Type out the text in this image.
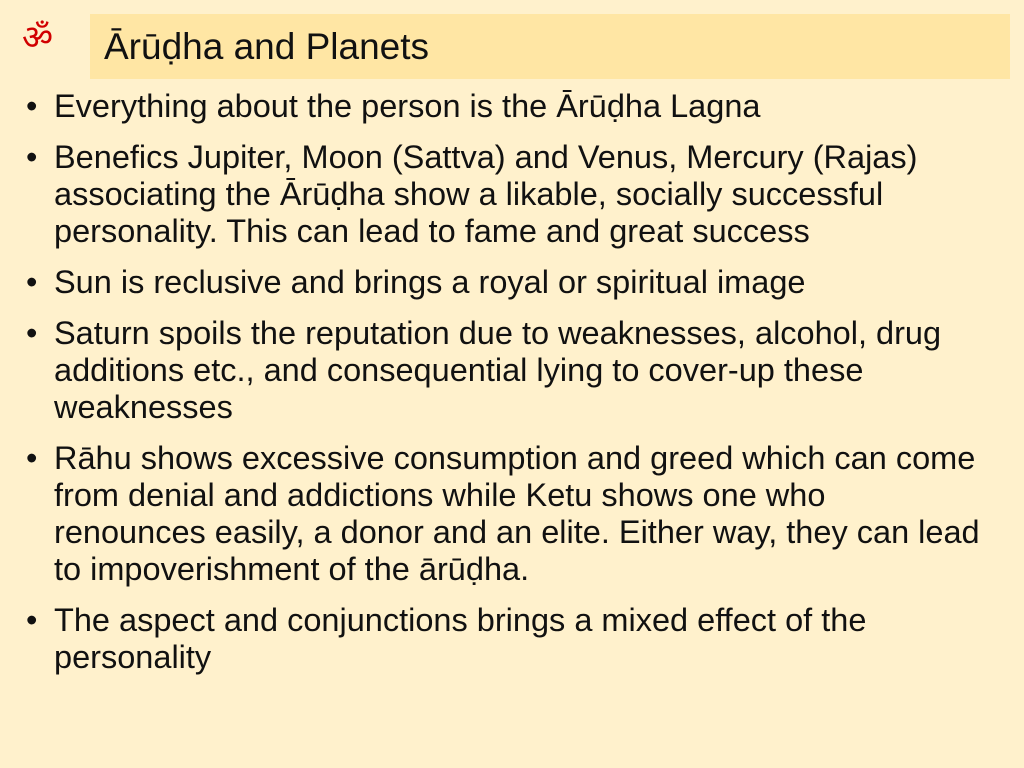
ॐ Ārūḍha and Planets
• Everything about the person is the Ārūḍha Lagna
• Benefics Jupiter, Moon (Sattva) and Venus, Mercury (Rajas) associating the Ārūḍha show a likable, socially successful personality. This can lead to fame and great success
• Sun is reclusive and brings a royal or spiritual image
• Saturn spoils the reputation due to weaknesses, alcohol, drug additions etc., and consequential lying to cover-up these weaknesses
• Rāhu shows excessive consumption and greed which can come from denial and addictions while Ketu shows one who renounces easily, a donor and an elite. Either way, they can lead to impoverishment of the ārūḍha.
• The aspect and conjunctions brings a mixed effect of the personality
